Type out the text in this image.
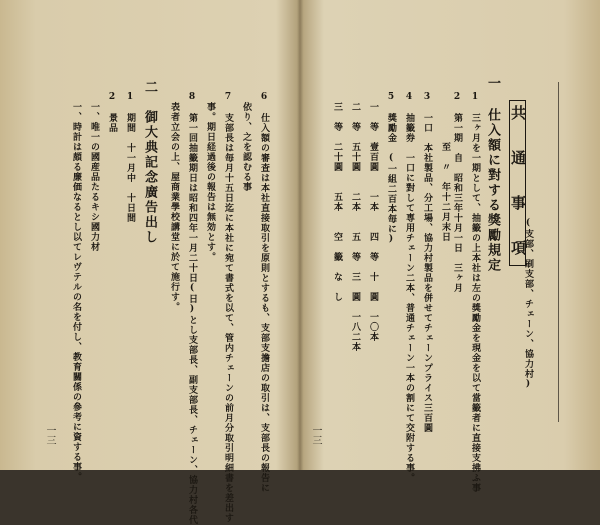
共 通 事 項
(支部、刷支部、チェーン、協力村)
一 仕入額に對する獎勵規定
1　三ヶ月を一期として、抽籤の上本社は左の獎勵金を現金を以て當籤者に直接支拂ふ事
2　第一期　自　昭和三年十月一日　三ヶ月
　　　　　至　〃　年十二月末日
3　一口　本社製品、分工場、協力村製品を併せてチェーンプライス三百圓
4　抽籤券　一口に對して専用チェーン二本、普通チェーン一本の割にて交附する事。
5　獎勵金　(一組二百本毎に)
　一　等　壹百圓　　一本　　四　等　十　圓　一〇本
　二　等　五十圓　　二本　　五　等　三　圓　一八二本
　三　等　二十圓　　五本　　空　籤　な　し
一三
6　仕入額の審査は本社直接取引を原則とするも、支部支擔店の取引は、支部長の報告に
　依り、之を認むる事
7　支部長は毎月十五日迄に本社に宛て書式を以て、管内チェーンの前月分取引明細書を差出す
　事。期日経過後の報告は無効とす。
8　第一回抽籤期日は昭和四年一月二十日(日)とし支部長、副支部長、チェーン、協力村各代
　表者立会の上、屋商業學校講堂に於て施行す。
二　御大典記念廣告出し
1　期間　十一月中　十日間
2　景品
　一、唯一の國産品たるキシ國力材
　一、時計は頗る廉価なるとし以てレヴテルの名を付し、教育關係の參考に資する事。
一三
